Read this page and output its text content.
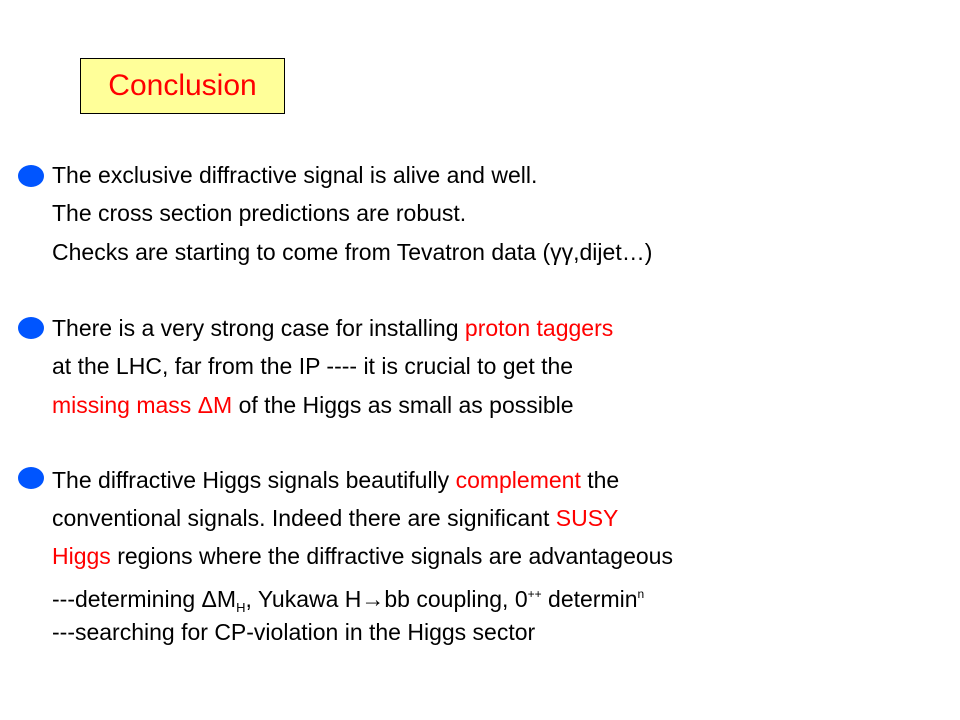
Conclusion
The exclusive diffractive signal is alive and well.
The cross section predictions are robust.
Checks are starting to come from Tevatron data (γγ,dijet…)
There is a very strong case for installing proton taggers
at the LHC, far from the IP ---- it is crucial to get the
missing mass ΔM of the Higgs as small as possible
The diffractive Higgs signals beautifully complement the
conventional signals. Indeed there are significant SUSY
Higgs regions where the diffractive signals are advantageous
---determining $\Delta M_H$, Yukawa H→bb coupling, 0++ determin$^n$
---searching for CP-violation in the Higgs sector
